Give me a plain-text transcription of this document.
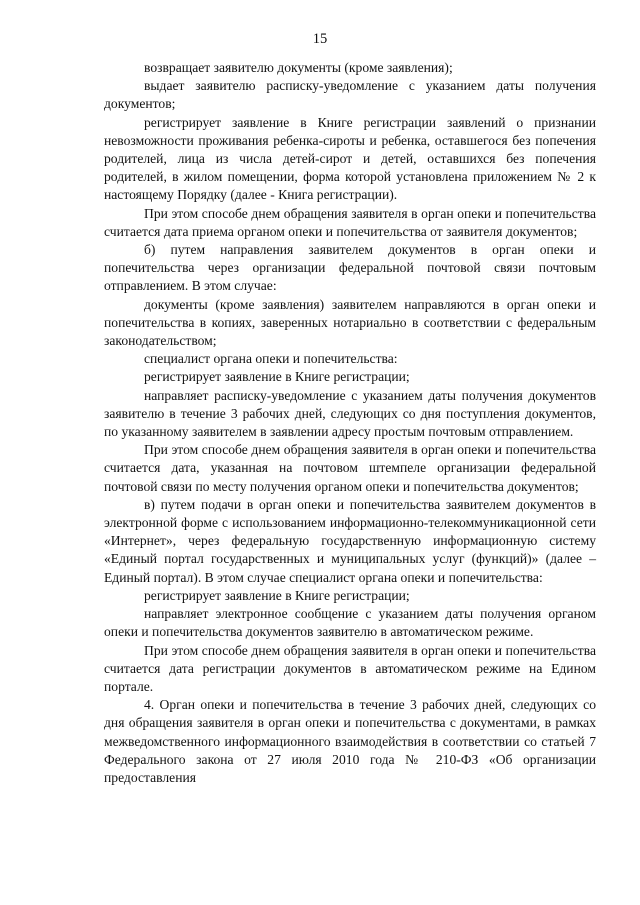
15

возвращает заявителю документы (кроме заявления);

выдает заявителю расписку-уведомление с указанием даты получения документов;

регистрирует заявление в Книге регистрации заявлений о признании невозможности проживания ребенка-сироты и ребенка, оставшегося без попечения родителей, лица из числа детей-сирот и детей, оставшихся без попечения родителей, в жилом помещении, форма которой установлена приложением № 2 к настоящему Порядку (далее - Книга регистрации).

При этом способе днем обращения заявителя в орган опеки и попечительства считается дата приема органом опеки и попечительства от заявителя документов;

б) путем направления заявителем документов в орган опеки и попечительства через организации федеральной почтовой связи почтовым отправлением. В этом случае:

документы (кроме заявления) заявителем направляются в орган опеки и попечительства в копиях, заверенных нотариально в соответствии с федеральным законодательством;

специалист органа опеки и попечительства:

регистрирует заявление в Книге регистрации;

направляет расписку-уведомление с указанием даты получения документов заявителю в течение 3 рабочих дней, следующих со дня поступления документов, по указанному заявителем в заявлении адресу простым почтовым отправлением.

При этом способе днем обращения заявителя в орган опеки и попечительства считается дата, указанная на почтовом штемпеле организации федеральной почтовой связи по месту получения органом опеки и попечительства документов;

в) путем подачи в орган опеки и попечительства заявителем документов в электронной форме с использованием информационно-телекоммуникационной сети «Интернет», через федеральную государственную информационную систему «Единый портал государственных и муниципальных услуг (функций)» (далее – Единый портал). В этом случае специалист органа опеки и попечительства:

регистрирует заявление в Книге регистрации;

направляет электронное сообщение с указанием даты получения органом опеки и попечительства документов заявителю в автоматическом режиме.

При этом способе днем обращения заявителя в орган опеки и попечительства считается дата регистрации документов в автоматическом режиме на Едином портале.

4. Орган опеки и попечительства в течение 3 рабочих дней, следующих со дня обращения заявителя в орган опеки и попечительства с документами, в рамках межведомственного информационного взаимодействия в соответствии со статьей 7 Федерального закона от 27 июля 2010 года № 210-ФЗ «Об организации предоставления
